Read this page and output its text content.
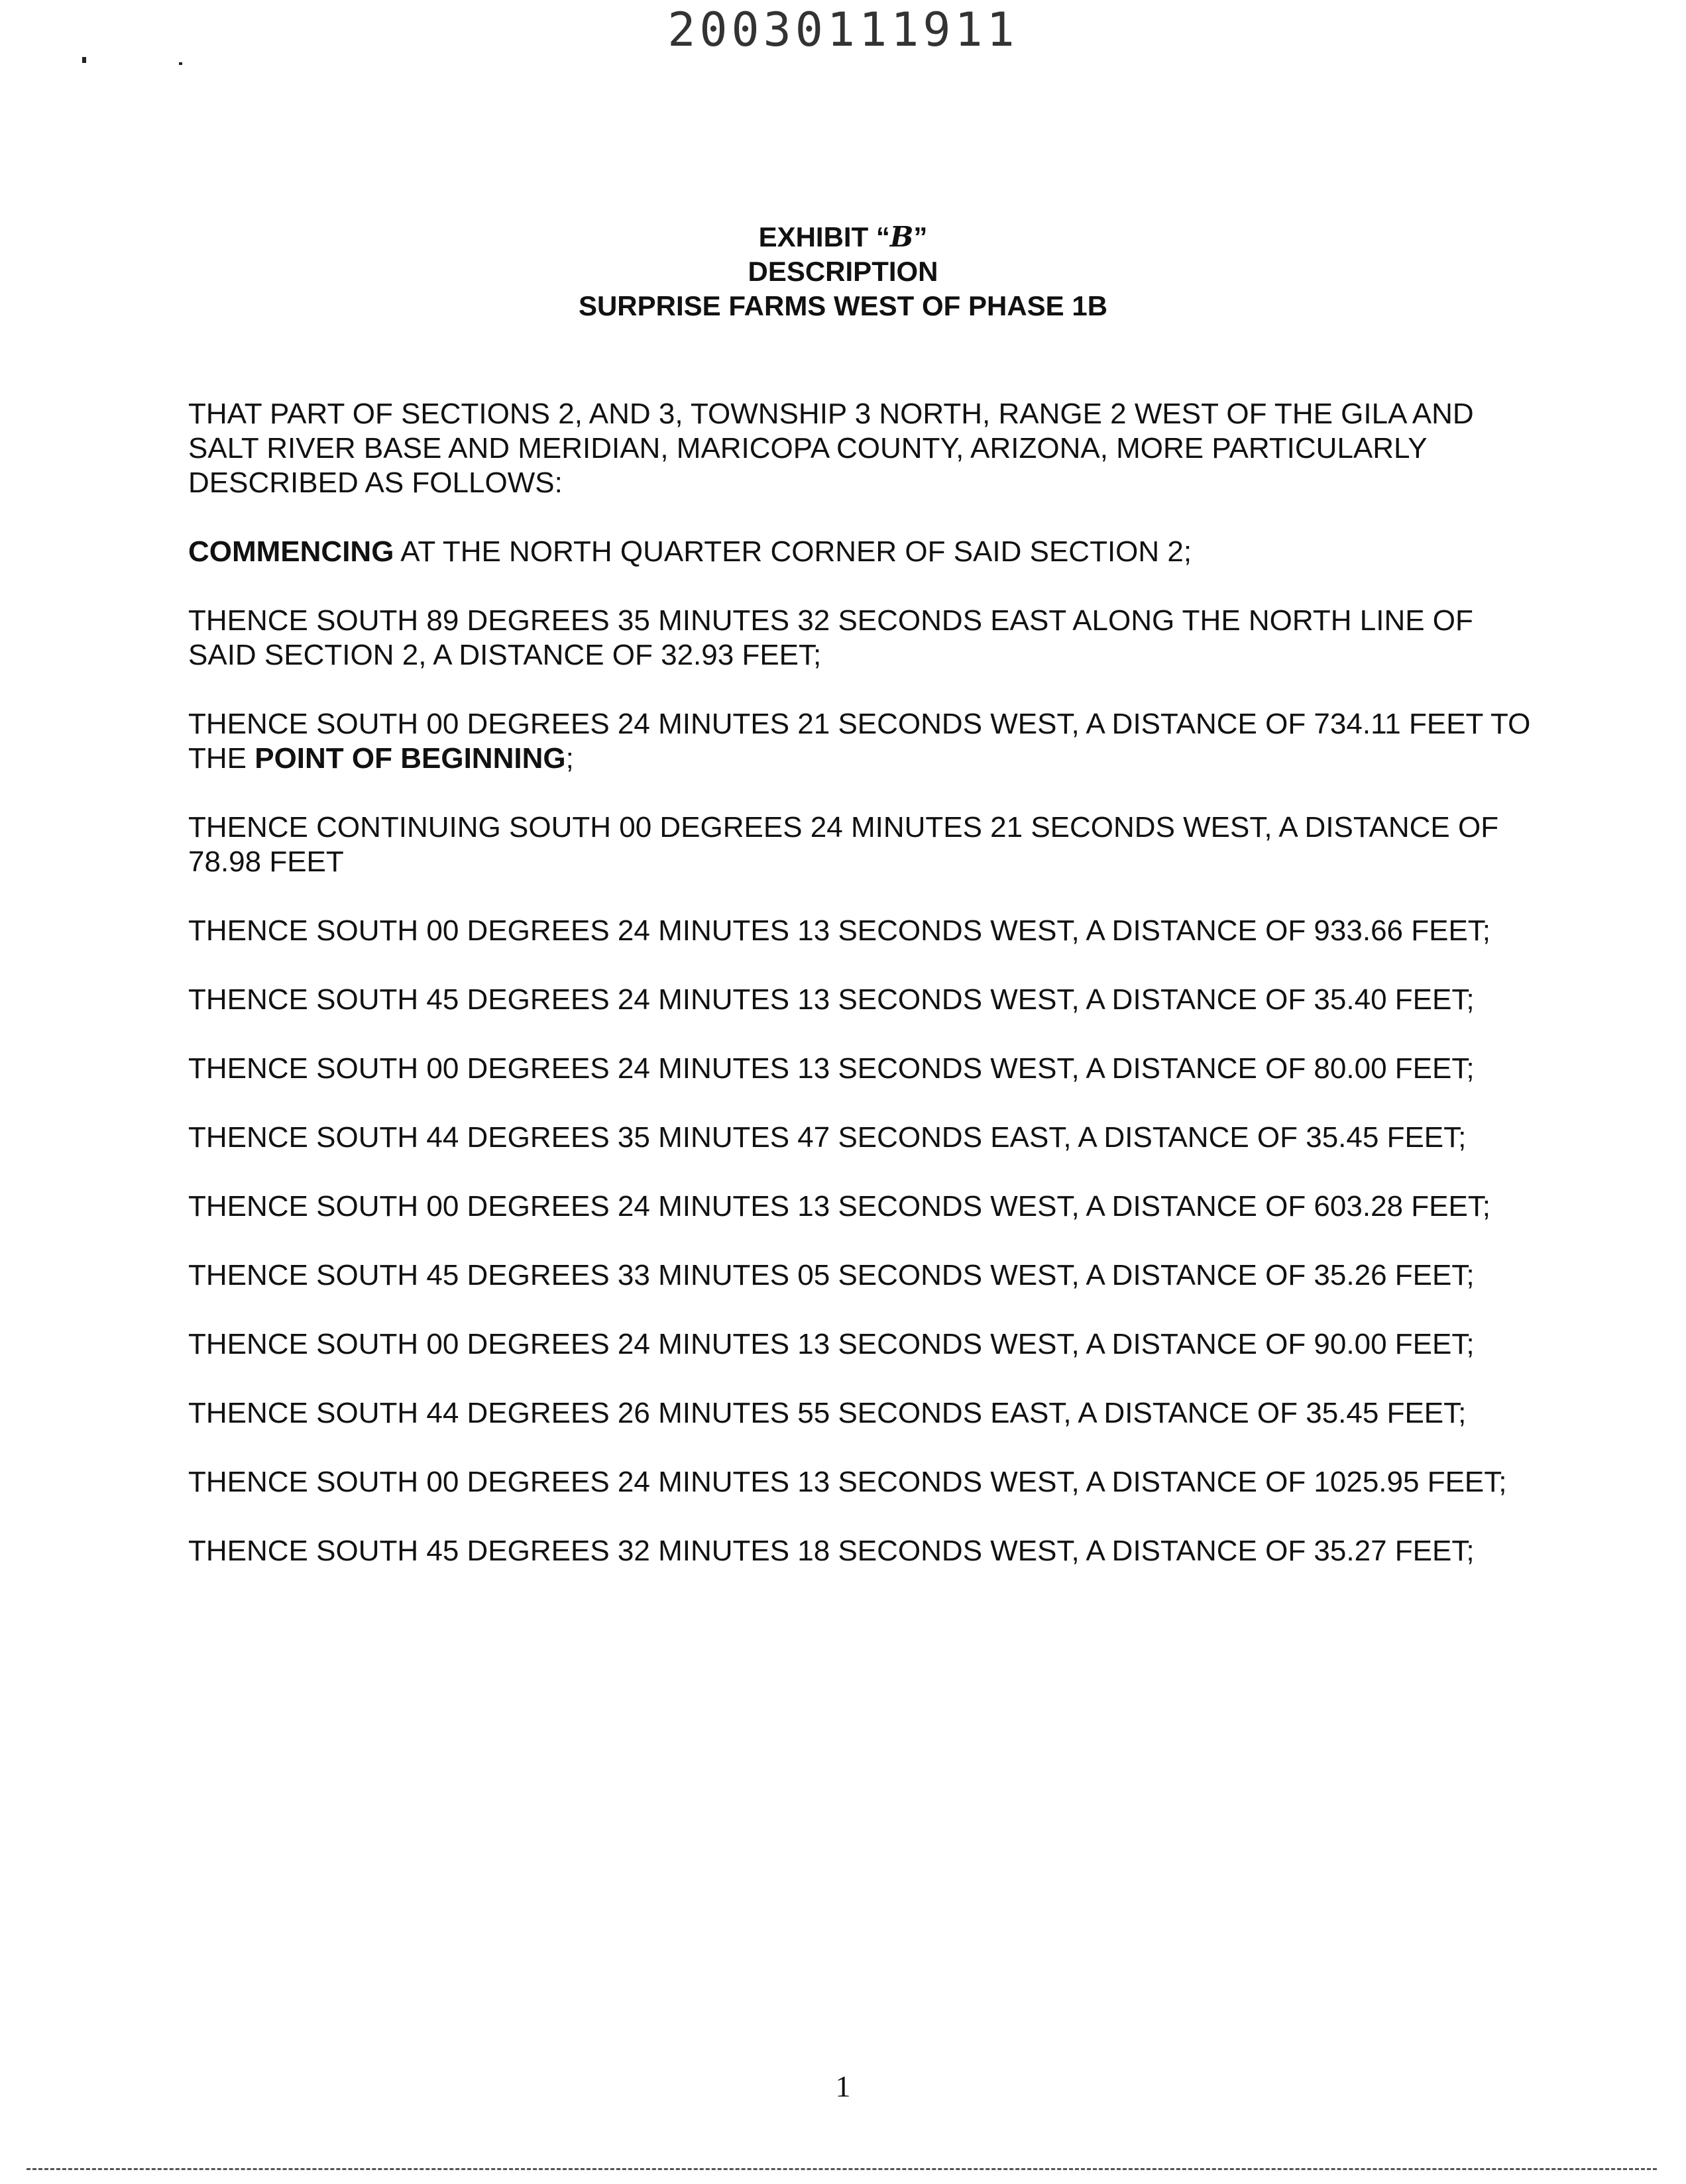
20030111911
EXHIBIT “B”
DESCRIPTION
SURPRISE FARMS WEST OF PHASE 1B

THAT PART OF SECTIONS 2, AND 3, TOWNSHIP 3 NORTH, RANGE 2 WEST OF THE GILA AND SALT RIVER BASE AND MERIDIAN, MARICOPA COUNTY, ARIZONA, MORE PARTICULARLY DESCRIBED AS FOLLOWS:

COMMENCING AT THE NORTH QUARTER CORNER OF SAID SECTION 2;

THENCE SOUTH 89 DEGREES 35 MINUTES 32 SECONDS EAST ALONG THE NORTH LINE OF SAID SECTION 2, A DISTANCE OF 32.93 FEET;

THENCE SOUTH 00 DEGREES 24 MINUTES 21 SECONDS WEST, A DISTANCE OF 734.11 FEET TO THE POINT OF BEGINNING;

THENCE CONTINUING SOUTH 00 DEGREES 24 MINUTES 21 SECONDS WEST, A DISTANCE OF 78.98 FEET

THENCE SOUTH 00 DEGREES 24 MINUTES 13 SECONDS WEST, A DISTANCE OF 933.66 FEET;

THENCE SOUTH 45 DEGREES 24 MINUTES 13 SECONDS WEST, A DISTANCE OF 35.40 FEET;

THENCE SOUTH 00 DEGREES 24 MINUTES 13 SECONDS WEST, A DISTANCE OF 80.00 FEET;

THENCE SOUTH 44 DEGREES 35 MINUTES 47 SECONDS EAST, A DISTANCE OF 35.45 FEET;

THENCE SOUTH 00 DEGREES 24 MINUTES 13 SECONDS WEST, A DISTANCE OF 603.28 FEET;

THENCE SOUTH 45 DEGREES 33 MINUTES 05 SECONDS WEST, A DISTANCE OF 35.26 FEET;

THENCE SOUTH 00 DEGREES 24 MINUTES 13 SECONDS WEST, A DISTANCE OF 90.00 FEET;

THENCE SOUTH 44 DEGREES 26 MINUTES 55 SECONDS EAST, A DISTANCE OF 35.45 FEET;

THENCE SOUTH 00 DEGREES 24 MINUTES 13 SECONDS WEST, A DISTANCE OF 1025.95 FEET;

THENCE SOUTH 45 DEGREES 32 MINUTES 18 SECONDS WEST, A DISTANCE OF 35.27 FEET;

1
